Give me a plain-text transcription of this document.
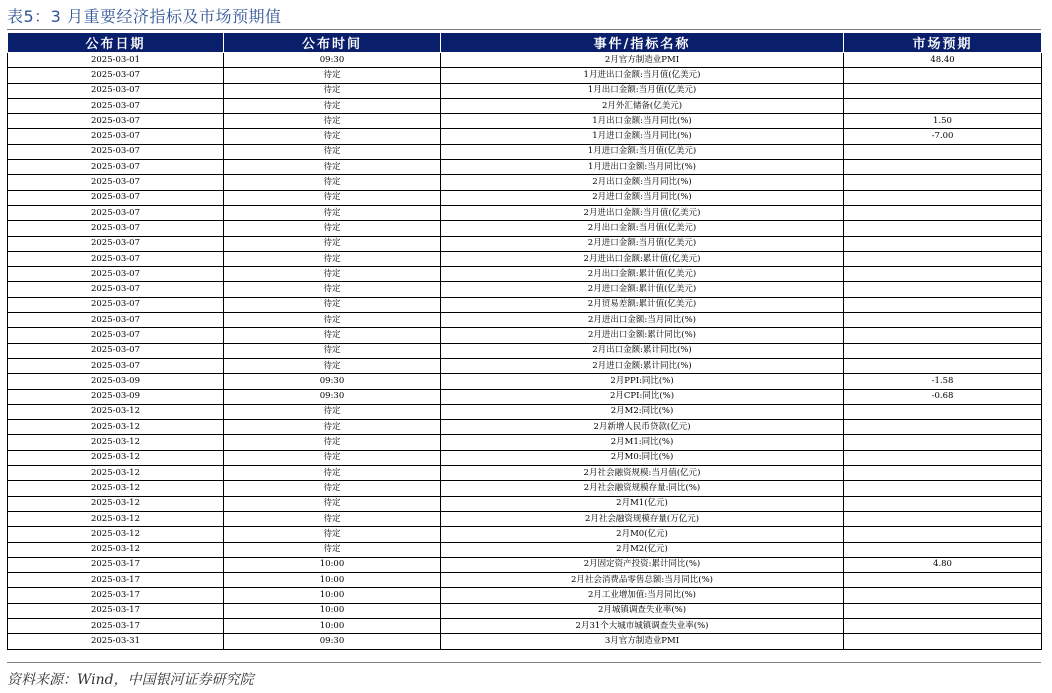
表5：3 月重要经济指标及市场预期值
公布日期	公布时间	事件/指标名称	市场预期
2025-03-01	09:30	2月官方制造业PMI	48.40
2025-03-07	待定	1月进出口金额:当月值(亿美元)	
2025-03-07	待定	1月出口金额:当月值(亿美元)	
2025-03-07	待定	2月外汇储备(亿美元)	
2025-03-07	待定	1月出口金额:当月同比(%)	1.50
2025-03-07	待定	1月进口金额:当月同比(%)	-7.00
2025-03-07	待定	1月进口金额:当月值(亿美元)	
2025-03-07	待定	1月进出口金额:当月同比(%)	
2025-03-07	待定	2月出口金额:当月同比(%)	
2025-03-07	待定	2月进口金额:当月同比(%)	
2025-03-07	待定	2月进出口金额:当月值(亿美元)	
2025-03-07	待定	2月出口金额:当月值(亿美元)	
2025-03-07	待定	2月进口金额:当月值(亿美元)	
2025-03-07	待定	2月进出口金额:累计值(亿美元)	
2025-03-07	待定	2月出口金额:累计值(亿美元)	
2025-03-07	待定	2月进口金额:累计值(亿美元)	
2025-03-07	待定	2月贸易差额:累计值(亿美元)	
2025-03-07	待定	2月进出口金额:当月同比(%)	
2025-03-07	待定	2月进出口金额:累计同比(%)	
2025-03-07	待定	2月出口金额:累计同比(%)	
2025-03-07	待定	2月进口金额:累计同比(%)	
2025-03-09	09:30	2月PPI:同比(%)	-1.58
2025-03-09	09:30	2月CPI:同比(%)	-0.68
2025-03-12	待定	2月M2:同比(%)	
2025-03-12	待定	2月新增人民币贷款(亿元)	
2025-03-12	待定	2月M1:同比(%)	
2025-03-12	待定	2月M0:同比(%)	
2025-03-12	待定	2月社会融资规模:当月值(亿元)	
2025-03-12	待定	2月社会融资规模存量:同比(%)	
2025-03-12	待定	2月M1(亿元)	
2025-03-12	待定	2月社会融资规模存量(万亿元)	
2025-03-12	待定	2月M0(亿元)	
2025-03-12	待定	2月M2(亿元)	
2025-03-17	10:00	2月固定资产投资:累计同比(%)	4.80
2025-03-17	10:00	2月社会消费品零售总额:当月同比(%)	
2025-03-17	10:00	2月工业增加值:当月同比(%)	
2025-03-17	10:00	2月城镇调查失业率(%)	
2025-03-17	10:00	2月31个大城市城镇调查失业率(%)	
2025-03-31	09:30	3月官方制造业PMI	
资料来源：Wind，中国银河证券研究院
